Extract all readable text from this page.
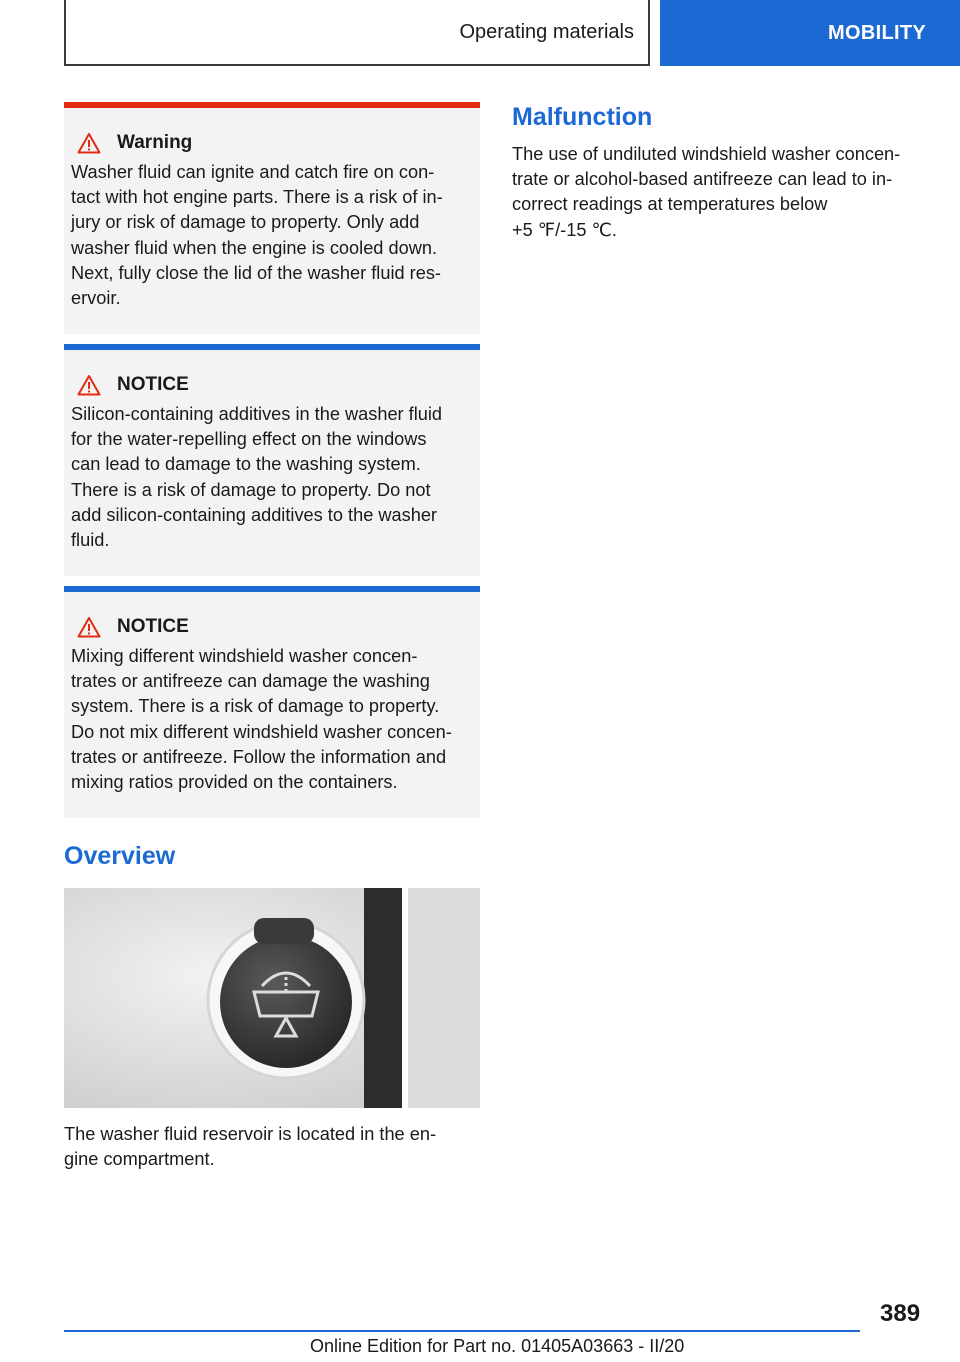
Operating materials	MOBILITY
Warning
Washer fluid can ignite and catch fire on con-
tact with hot engine parts. There is a risk of in-
jury or risk of damage to property. Only add
washer fluid when the engine is cooled down.
Next, fully close the lid of the washer fluid res-
ervoir.
NOTICE
Silicon-containing additives in the washer fluid
for the water-repelling effect on the windows
can lead to damage to the washing system.
There is a risk of damage to property. Do not
add silicon-containing additives to the washer
fluid.
NOTICE
Mixing different windshield washer concen-
trates or antifreeze can damage the washing
system. There is a risk of damage to property.
Do not mix different windshield washer concen-
trates or antifreeze. Follow the information and
mixing ratios provided on the containers.
Overview
The washer fluid reservoir is located in the en-
gine compartment.
Malfunction
The use of undiluted windshield washer concen-
trate or alcohol-based antifreeze can lead to in-
correct readings at temperatures below
+5 ℉/-15 ℃.
389
Online Edition for Part no. 01405A03663 - II/20
